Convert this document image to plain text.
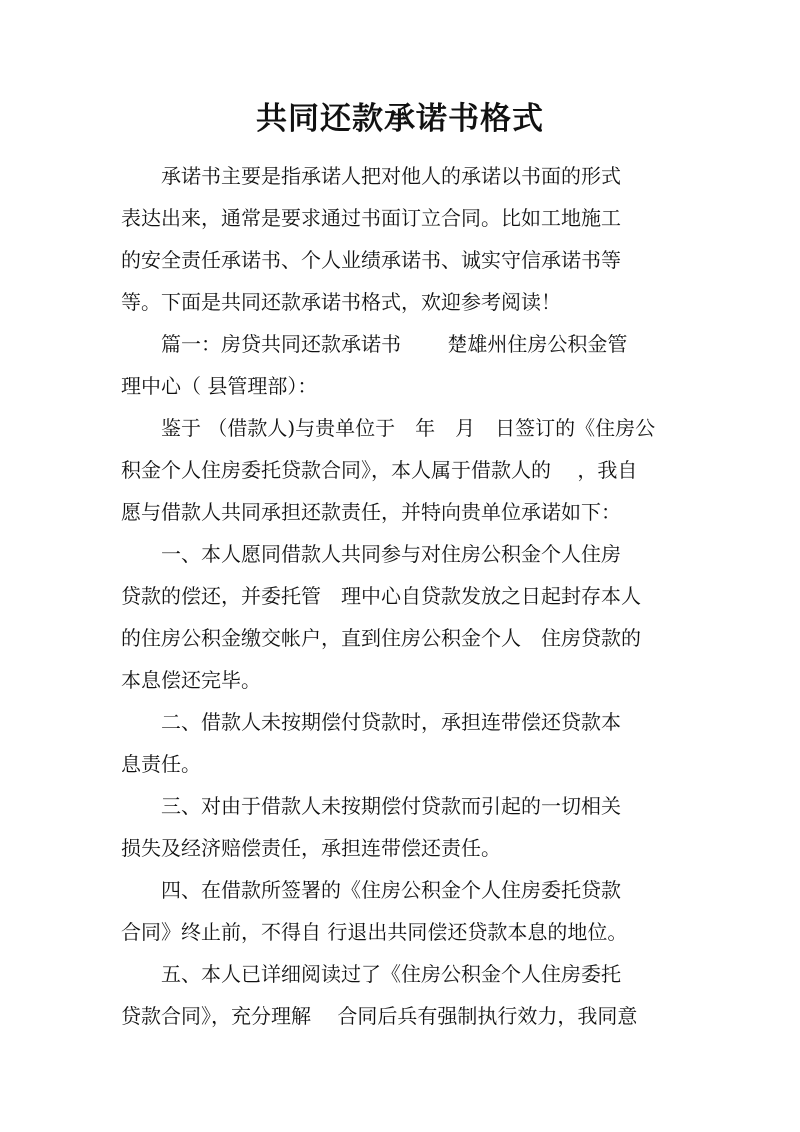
共同还款承诺书格式
　　承诺书主要是指承诺人把对他人的承诺以书面的形式
表达出来，通常是要求通过书面订立合同。比如工地施工
的安全责任承诺书、个人业绩承诺书、诚实守信承诺书等
等。下面是共同还款承诺书格式，欢迎参考阅读！
　　篇一：房贷共同还款承诺书　　 楚雄州住房公积金管
理中心（ 县管理部）：
　　鉴于 （借款人)与贵单位于　年　月　日签订的《住房公
积金个人住房委托贷款合同》，本人属于借款人的　 ，我自
愿与借款人共同承担还款责任，并特向贵单位承诺如下：
　　一、本人愿同借款人共同参与对住房公积金个人住房
贷款的偿还，并委托管　理中心自贷款发放之日起封存本人
的住房公积金缴交帐户，直到住房公积金个人　住房贷款的
本息偿还完毕。
　　二、借款人未按期偿付贷款时，承担连带偿还贷款本
息责任。
　　三、对由于借款人未按期偿付贷款而引起的一切相关
损失及经济赔偿责任，承担连带偿还责任。
　　四、在借款所签署的《住房公积金个人住房委托贷款
合同》终止前，不得自 行退出共同偿还贷款本息的地位。
　　五、本人已详细阅读过了《住房公积金个人住房委托
贷款合同》，充分理解　 合同后兵有强制执行效力，我同意
